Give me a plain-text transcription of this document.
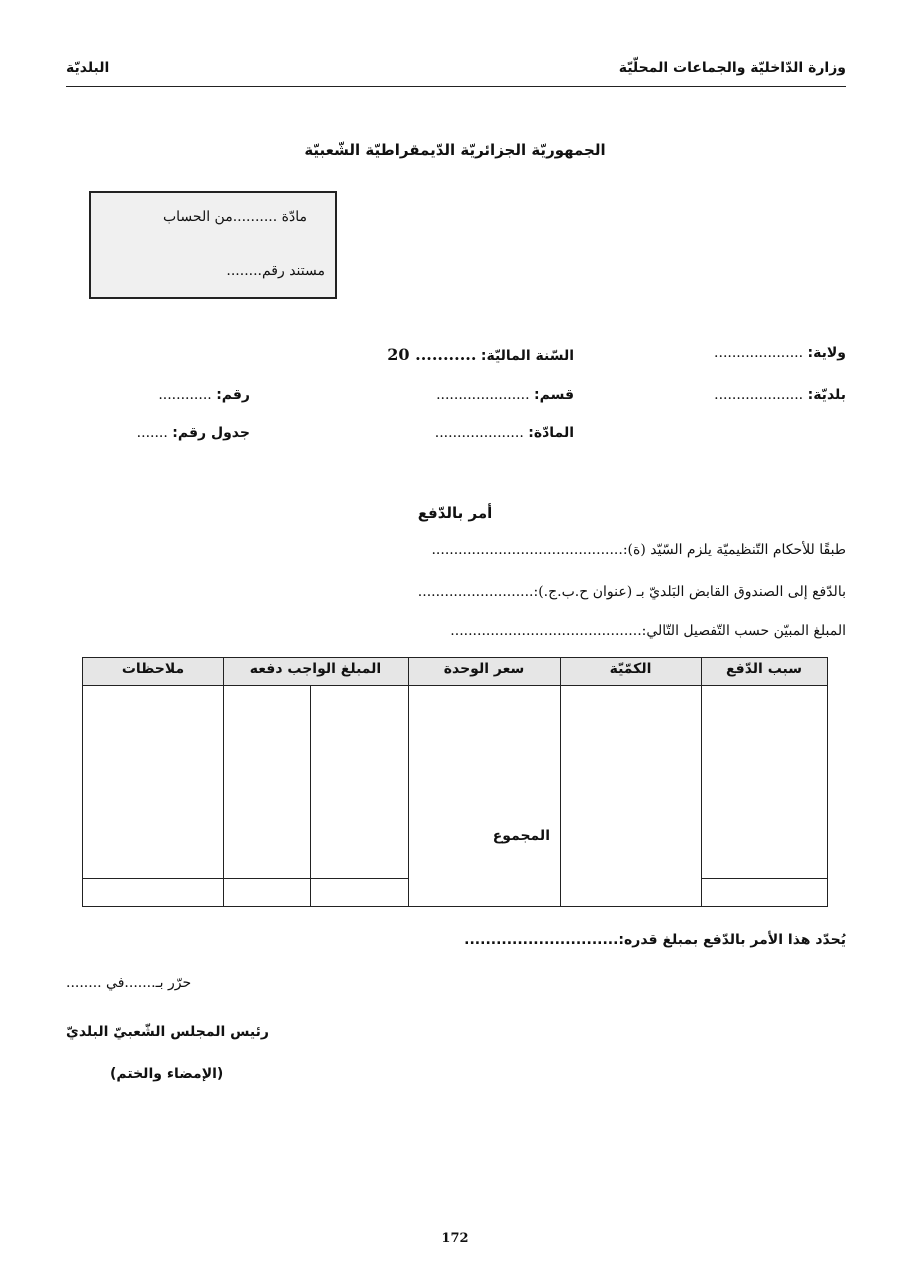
وزارة الدّاخليّة والجماعات المحلّيّة
البلديّة
الجمهوريّة الجزائريّة الدّيمقراطيّة الشّعبيّة
مادّة ..........من الحساب
مستند رقم........
ولاية: ....................
السّنة الماليّة: ........... 20
بلديّة: ....................
قسم: .....................
رقم: ............
المادّة: ....................
جدول رقم: .......
أمر بالدّفع
طبقًا للأحكام التّنظيميّة يلزم السّيّد (ة):...........................................
بالدّفع إلى الصندوق القابض البَلديّ بـ (عنوان ح.ب.ج.):..........................
المبلغ المبيّن حسب التّفصيل التّالي:...........................................
سبب الدّفع
الكمّيّة
سعر الوحدة
المبلغ الواجب دفعه
ملاحظات
المجموع
يُحدّد هذا الأمر بالدّفع بمبلغ قدره:.............................
حرّر بـ.......في ........
رئيس المجلس الشّعبيّ البلديّ
(الإمضاء والختم)
172
